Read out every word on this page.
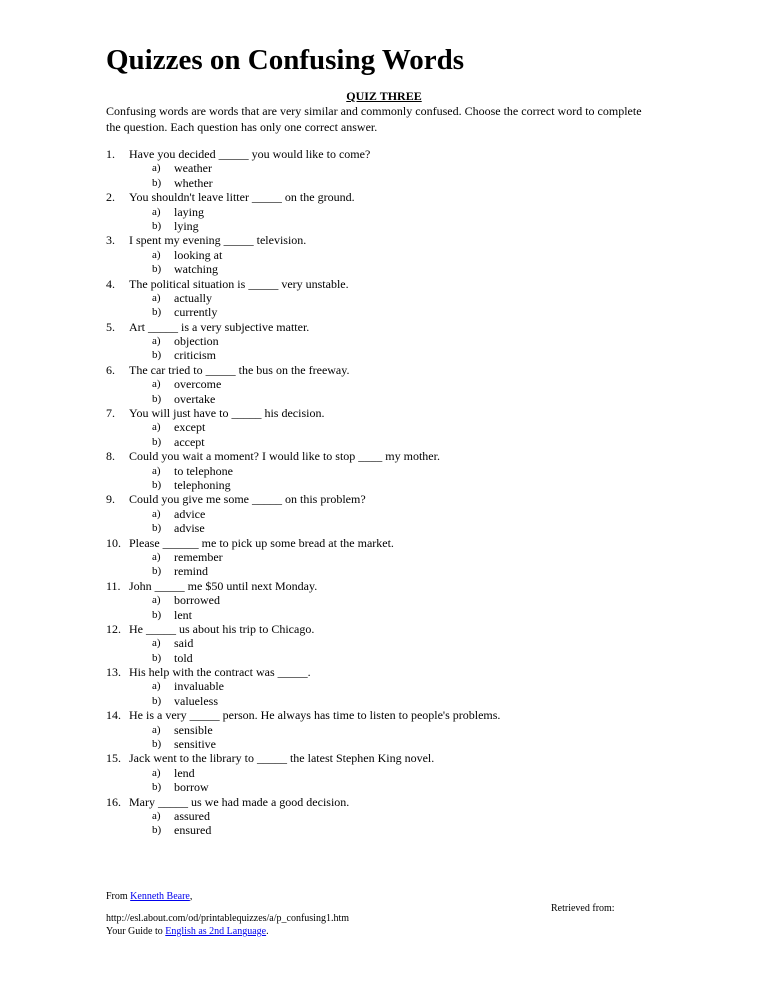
Quizzes on Confusing Words
QUIZ THREE
Confusing words are words that are very similar and commonly confused. Choose the correct word to complete the question. Each question has only one correct answer.
1. Have you decided _____ you would like to come?
a) weather
b) whether
2. You shouldn't leave litter _____ on the ground.
a) laying
b) lying
3. I spent my evening _____ television.
a) looking at
b) watching
4. The political situation is _____ very unstable.
a) actually
b) currently
5. Art _____ is a very subjective matter.
a) objection
b) criticism
6. The car tried to _____ the bus on the freeway.
a) overcome
b) overtake
7. You will just have to _____ his decision.
a) except
b) accept
8. Could you wait a moment? I would like to stop ____ my mother.
a) to telephone
b) telephoning
9. Could you give me some _____ on this problem?
a) advice
b) advise
10. Please ______ me to pick up some bread at the market.
a) remember
b) remind
11. John _____ me $50 until next Monday.
a) borrowed
b) lent
12. He _____ us about his trip to Chicago.
a) said
b) told
13. His help with the contract was _____.
a) invaluable
b) valueless
14. He is a very _____ person. He always has time to listen to people's problems.
a) sensible
b) sensitive
15. Jack went to the library to _____ the latest Stephen King novel.
a) lend
b) borrow
16. Mary _____ us we had made a good decision.
a) assured
b) ensured
From Kenneth Beare,
Retrieved from:
http://esl.about.com/od/printablequizzes/a/p_confusing1.htm
Your Guide to English as 2nd Language.
